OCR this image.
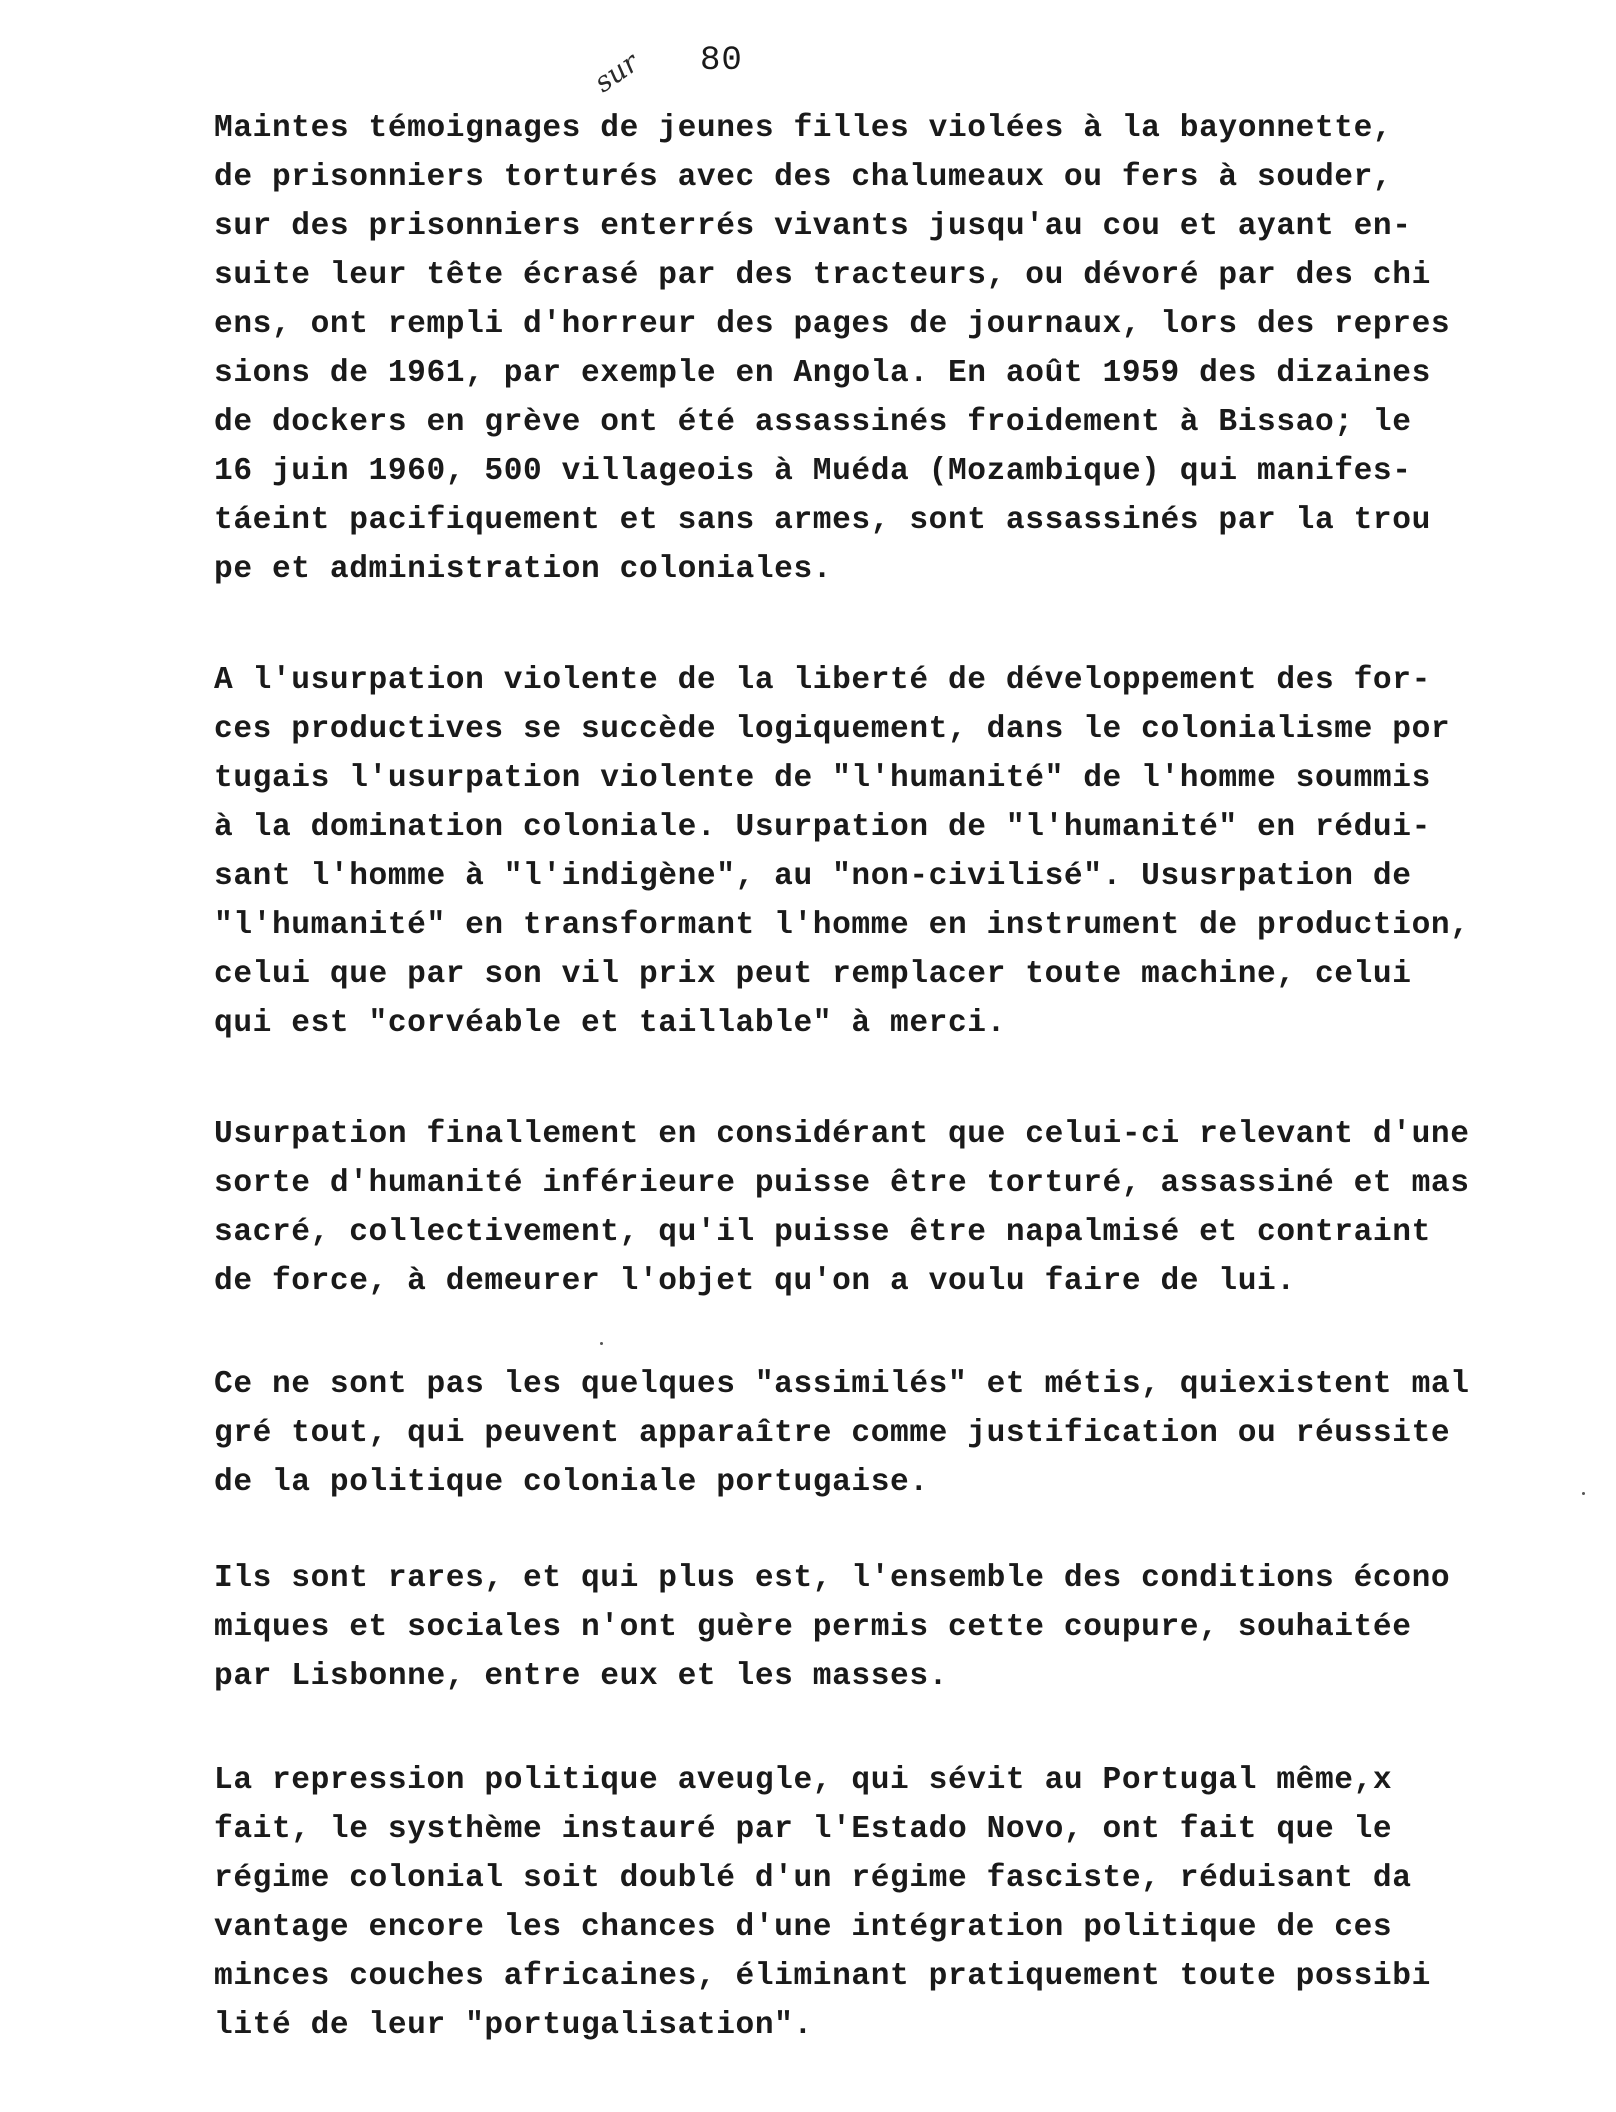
80
sur
Maintes témoignages de jeunes filles violées à la bayonnette,
de prisonniers torturés avec des chalumeaux ou fers à souder,
sur des prisonniers enterrés vivants jusqu'au cou et ayant en-
suite leur tête écrasé par des tracteurs, ou dévoré par des chi
ens, ont rempli d'horreur des pages de journaux, lors des repres
sions de 1961, par exemple en Angola. En août 1959 des dizaines
de dockers en grève ont été assassinés froidement à Bissao; le
16 juin 1960, 500 villageois à Muéda (Mozambique) qui manifes-
táeint pacifiquement et sans armes, sont assassinés par la trou
pe et administration coloniales.
A l'usurpation violente de la liberté de développement des for-
ces productives se succède logiquement, dans le colonialisme por
tugais l'usurpation violente de "l'humanité" de l'homme soummis
à la domination coloniale. Usurpation de "l'humanité" en rédui-
sant l'homme à "l'indigène", au "non-civilisé". Ususrpation de
"l'humanité" en transformant l'homme en instrument de production,
celui que par son vil prix peut remplacer toute machine, celui
qui est "corvéable et taillable" à merci.
Usurpation finallement en considérant que celui-ci relevant d'une
sorte d'humanité inférieure puisse être torturé, assassiné et mas
sacré, collectivement, qu'il puisse être napalmisé et contraint
de force, à demeurer l'objet qu'on a voulu faire de lui.
Ce ne sont pas les quelques "assimilés" et métis, quiexistent mal
gré tout, qui peuvent apparaître comme justification ou réussite
de la politique coloniale portugaise.
Ils sont rares, et qui plus est, l'ensemble des conditions écono
miques et sociales n'ont guère permis cette coupure, souhaitée
par Lisbonne, entre eux et les masses.
La repression politique aveugle, qui sévit au Portugal même,x
fait, le systhème instauré par l'Estado Novo, ont fait que le
régime colonial soit doublé d'un régime fasciste, réduisant da
vantage encore les chances d'une intégration politique de ces
minces couches africaines, éliminant pratiquement toute possibi
lité de leur "portugalisation".
